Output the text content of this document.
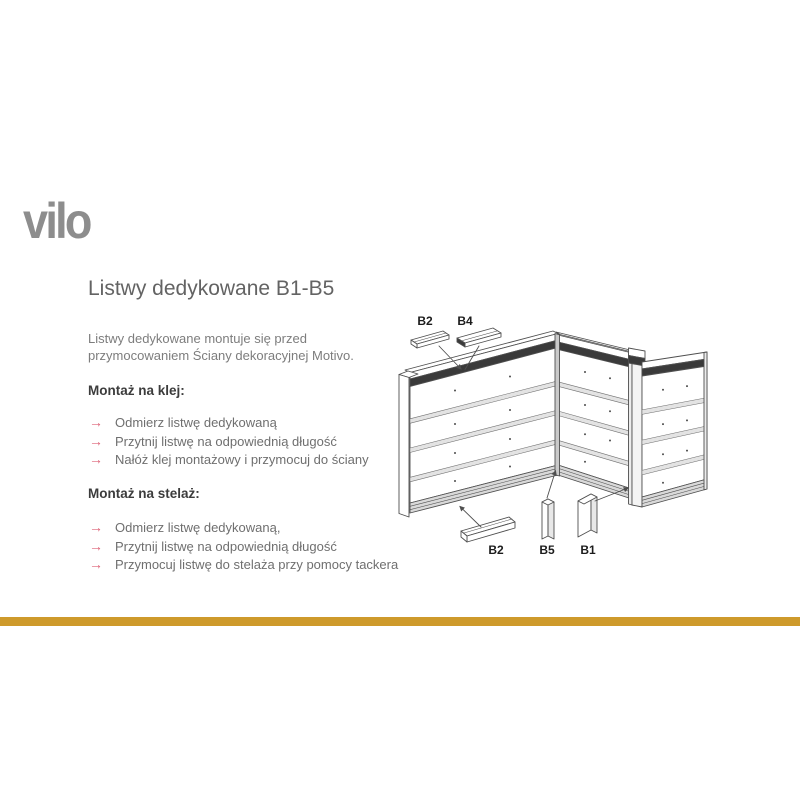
vilo
Listwy dedykowane B1-B5

Listwy dedykowane montuje się przed przymocowaniem Ściany dekoracyjnej Motivo.

Montaż na klej:
→ Odmierz listwę dedykowaną
→ Przytnij listwę na odpowiednią długość
→ Nałóż klej montażowy i przymocuj do ściany
Montaż na stelaż:
→ Odmierz listwę dedykowaną,
→ Przytnij listwę na odpowiednią długość
→ Przymocuj listwę do stelaża przy pomocy tackera
B2 B4
B2	B5 B1
